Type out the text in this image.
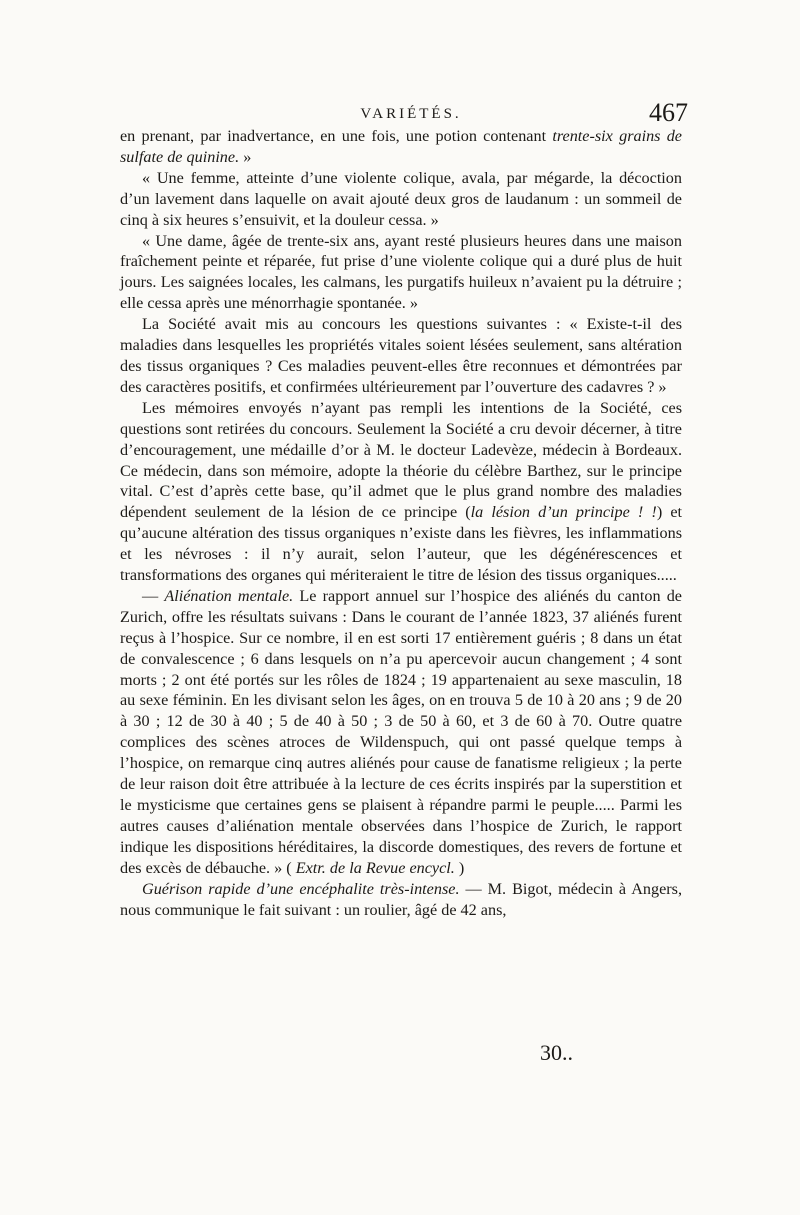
VARIÉTÉS.	467

en prenant, par inadvertance, en une fois, une potion contenant trente-six grains de sulfate de quinine. »

« Une femme, atteinte d’une violente colique, avala, par mégarde, la décoction d’un lavement dans laquelle on avait ajouté deux gros de laudanum : un sommeil de cinq à six heures s’ensuivit, et la douleur cessa. »

« Une dame, âgée de trente-six ans, ayant resté plusieurs heures dans une maison fraîchement peinte et réparée, fut prise d’une violente colique qui a duré plus de huit jours. Les saignées locales, les calmans, les purgatifs huileux n’avaient pu la détruire ; elle cessa après une ménorrhagie spontanée. »

La Société avait mis au concours les questions suivantes : « Existe-t-il des maladies dans lesquelles les propriétés vitales soient lésées seulement, sans altération des tissus organiques ? Ces maladies peuvent-elles être reconnues et démontrées par des caractères positifs, et confirmées ultérieurement par l’ouverture des cadavres ? »

Les mémoires envoyés n’ayant pas rempli les intentions de la Société, ces questions sont retirées du concours. Seulement la Société a cru devoir décerner, à titre d’encouragement, une médaille d’or à M. le docteur Ladevèze, médecin à Bordeaux. Ce médecin, dans son mémoire, adopte la théorie du célèbre Barthez, sur le principe vital. C’est d’après cette base, qu’il admet que le plus grand nombre des maladies dépendent seulement de la lésion de ce principe (la lésion d’un principe ! !) et qu’aucune altération des tissus organiques n’existe dans les fièvres, les inflammations et les névroses : il n’y aurait, selon l’auteur, que les dégénérescences et transformations des organes qui mériteraient le titre de lésion des tissus organiques.....

— Aliénation mentale. Le rapport annuel sur l’hospice des aliénés du canton de Zurich, offre les résultats suivans : Dans le courant de l’année 1823, 37 aliénés furent reçus à l’hospice. Sur ce nombre, il en est sorti 17 entièrement guéris ; 8 dans un état de convalescence ; 6 dans lesquels on n’a pu apercevoir aucun changement ; 4 sont morts ; 2 ont été portés sur les rôles de 1824 ; 19 appartenaient au sexe masculin, 18 au sexe féminin. En les divisant selon les âges, on en trouva 5 de 10 à 20 ans ; 9 de 20 à 30 ; 12 de 30 à 40 ; 5 de 40 à 50 ; 3 de 50 à 60, et 3 de 60 à 70. Outre quatre complices des scènes atroces de Wildenspuch, qui ont passé quelque temps à l’hospice, on remarque cinq autres aliénés pour cause de fanatisme religieux ; la perte de leur raison doit être attribuée à la lecture de ces écrits inspirés par la superstition et le mysticisme que certaines gens se plaisent à répandre parmi le peuple..... Parmi les autres causes d’aliénation mentale observées dans l’hospice de Zurich, le rapport indique les dispositions héréditaires, la discorde domestiques, des revers de fortune et des excès de débauche. » ( Extr. de la Revue encycl. )

Guérison rapide d’une encéphalite très-intense. — M. Bigot, médecin à Angers, nous communique le fait suivant : un roulier, âgé de 42 ans,

30..
